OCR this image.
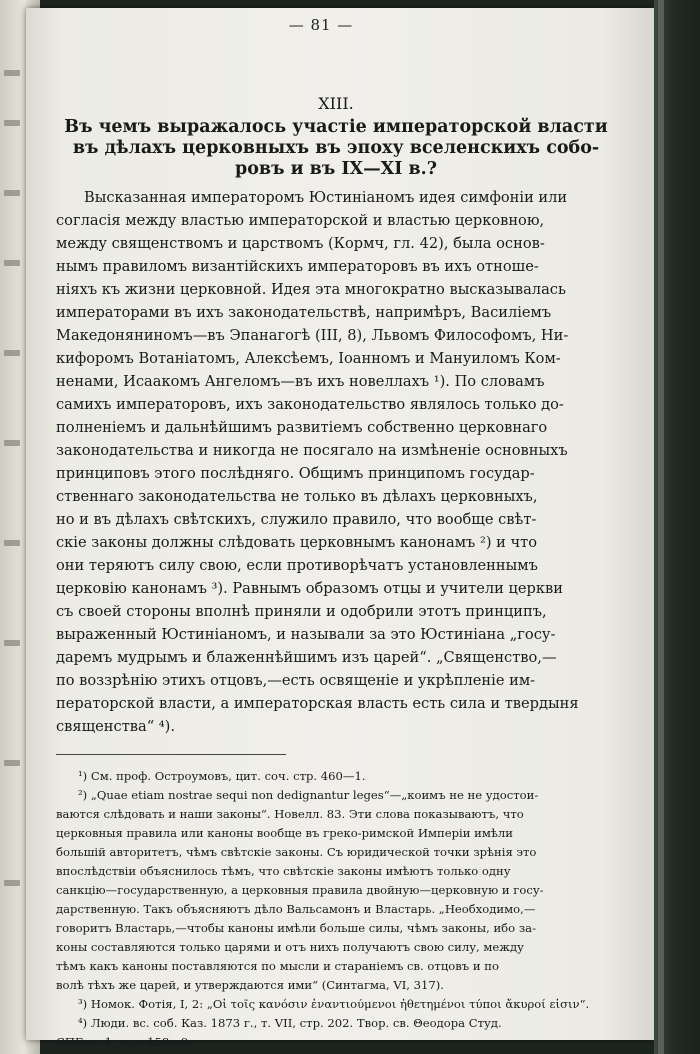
— 81 —
XIII.
Въ чемъ выражалось участіе императорской власти
въ дѣлахъ церковныхъ въ эпоху вселенскихъ собо-
ровъ и въ IX—XI в.?
Высказанная императоромъ Юстиніаномъ идея симфоніи или
согласія между властью императорской и властью церковною,
между священствомъ и царствомъ (Кормч, гл. 42), была основ-
нымъ правиломъ византійскихъ императоровъ въ ихъ отноше-
ніяхъ къ жизни церковной. Идея эта многократно высказывалась
императорами въ ихъ законодательствѣ, напримѣръ, Василіемъ
Македоняниномъ—въ Эпанагогѣ (III, 8), Львомъ Философомъ, Ни-
кифоромъ Вотаніатомъ, Алексѣемъ, Іоанномъ и Мануиломъ Ком-
ненами, Исаакомъ Ангеломъ—въ ихъ новеллахъ ¹). По словамъ
самихъ императоровъ, ихъ законодательство являлось только до-
полненіемъ и дальнѣйшимъ развитіемъ собственно церковнаго
законодательства и никогда не посягало на измѣненіе основныхъ
принциповъ этого послѣдняго. Общимъ принципомъ государ-
ственнаго законодательства не только въ дѣлахъ церковныхъ,
но и въ дѣлахъ свѣтскихъ, служило правило, что вообще свѣт-
скіе законы должны слѣдовать церковнымъ канонамъ ²) и что
они теряютъ силу свою, если противорѣчатъ установленнымъ
церковію канонамъ ³). Равнымъ образомъ отцы и учители церкви
съ своей стороны вполнѣ приняли и одобрили этотъ принципъ,
выраженный Юстиніаномъ, и называли за это Юстиніана „госу-
даремъ мудрымъ и блаженнѣйшимъ изъ царей“. „Священство,—
по воззрѣнію этихъ отцовъ,—есть освященіе и укрѣпленіе им-
ператорской власти, а императорская власть есть сила и твердыня
священства“ ⁴).
¹) См. проф. Остроумовъ, цит. соч. стр. 460—1.
²) „Quae etiam nostrae sequi non dedignantur leges“—„коимъ не не удостои-
ваются слѣдовать и наши законы“. Новелл. 83. Эти слова показываютъ, что
церковныя правила или каноны вообще въ греко-римской Имперіи имѣли
большій авторитетъ, чѣмъ свѣтскіе законы. Съ юридической точки зрѣнія это
впослѣдствіи объяснилось тѣмъ, что свѣтскіе законы имѣютъ только одну
санкцію—государственную, а церковныя правила двойную—церковную и госу-
дарственную. Такъ объясняютъ дѣло Вальсамонъ и Властарь. „Необходимо,—
говоритъ Властарь,—чтобы каноны имѣли больше силы, чѣмъ законы, ибо за-
коны составляются только царями и отъ нихъ получаютъ свою силу, между
тѣмъ какъ каноны поставляются по мысли и стараніемъ св. отцовъ и по
волѣ тѣхъ же царей, и утверждаются ими“ (Синтагма, VI, 317).
³) Номок. Фотія, I, 2: „Οἱ τοῖς κανόσιν ἐναντιούμενοι ἠθετημένοι τύποι ἄκυροί εἰσιν“.
⁴) Люди. вс. соб. Каз. 1873 г., т. VII, стр. 202. Твор. св. Θеодора Студ.
СПБ. т. 1, стр. 158—9.
